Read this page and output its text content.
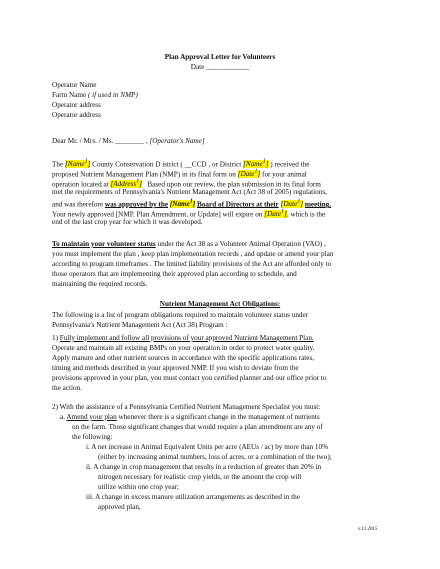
Plan Approval Letter for Volunteers
Date ____________
Operator Name
Farm Name ( if used in NMP)
Operator address
Operator address
Dear Mr. / Mrs. / Ms. ________ , [Operator's Name]
The [Name$^1$] County Conservation D istrict ( __CCD , or District [Name$^1$] ) received the
proposed Nutrient Management Plan (NMP) in its final form on [Date$^1$] for your animal
operation located at [Address$^1$] Based upon our review, the plan submission in its final form
met the requirements of Pennsylvania's Nutrient Management Act (Act 38 of 2005) regulations,
and was therefore was approved by the [Name$^1$] Board of Directors at their [Date$^1$] meeting.
Your newly approved [NMP, Plan Amendment, or Update] will expire on [Date$^1$], which is the
end of the last crop year for which it was developed.
To maintain your volunteer status under the Act 38 as a Volunteer Animal Operation (VAO) ,
you must implement the plan , keep plan implementation records , and update or amend your plan
according to program timeframes . The limited liability provisions of the Act are afforded only to
those operators that are implementing their approved plan according to schedule, and
maintaining the required records.
Nutrient Management Act Obligations:
The following is a list of program obligations required to maintain volunteer status under
Pennsylvania's Nutrient Management Act (Act 38) Program :
1) Fully implement and follow all provisions of your approved Nutrient Management Plan.
Operate and maintain all existing BMPs on your operation in order to protect water quality.
Apply manure and other nutrient sources in accordance with the specific applications rates,
timing and methods described in your approved NMP. If you wish to deviate from the
provisions approved in your plan, you must contact you certified planner and our office prior to
the action.
2) With the assistance of a Pennsylvania Certified Nutrient Management Specialist you must:
a. Amend your plan whenever there is a significant change in the management of nutrients
on the farm. Those significant changes that would require a plan amendment are any of
the following:
i. A net increase in Animal Equivalent Units per acre (AEUs / ac) by more than 10%
(either by increasing animal numbers, loss of acres, or a combination of the two);
ii. A change in crop management that results in a reduction of greater than 20% in
nitrogen necessary for realistic crop yields, or the amount the crop will
utilize within one crop year;
iii. A change in excess manure utilization arrangements as described in the
approved plan,
v.11.2015
